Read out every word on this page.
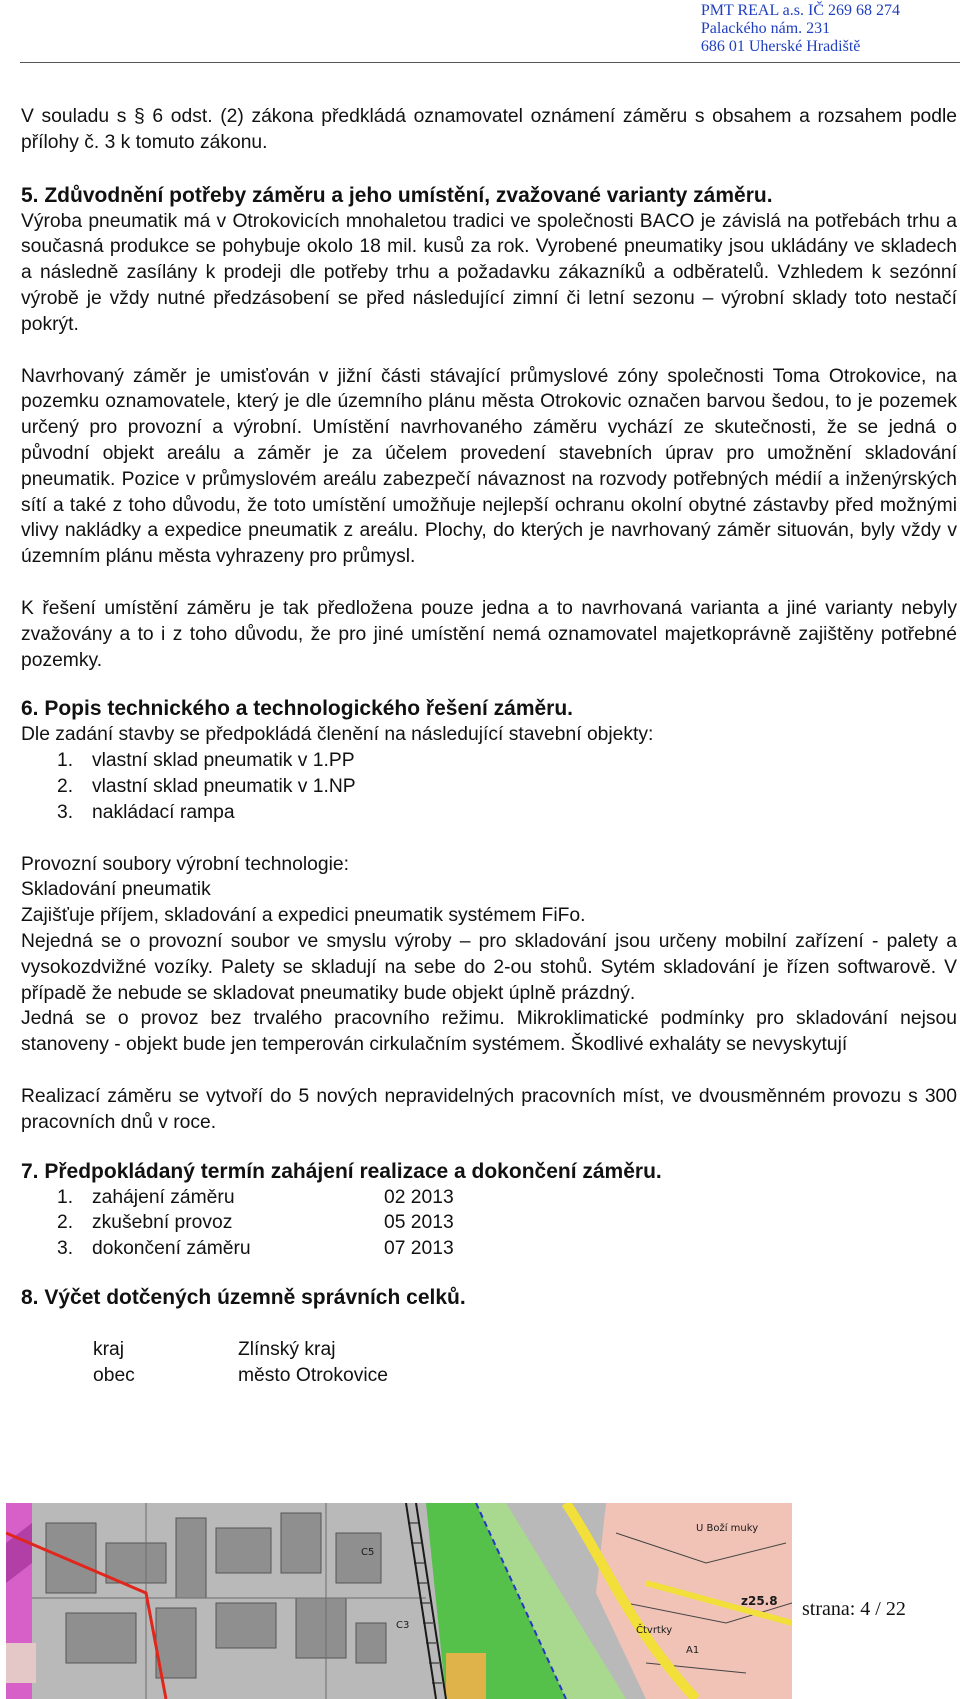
PMT REAL a.s. IČ 269 68 274
Palackého nám. 231
686 01 Uherské Hradiště

V souladu s § 6 odst. (2) zákona předkládá oznamovatel oznámení záměru s obsahem a rozsahem podle přílohy č. 3 k tomuto zákonu.

5. Zdůvodnění potřeby záměru a jeho umístění, zvažované varianty záměru.

Výroba pneumatik má v Otrokovicích mnohaletou tradici ve společnosti BACO je závislá na potřebách trhu a současná produkce se pohybuje okolo 18 mil. kusů za rok. Vyrobené pneumatiky jsou ukládány ve skladech a následně zasílány k prodeji dle potřeby trhu a požadavku zákazníků a odběratelů. Vzhledem k sezónní výrobě je vždy nutné předzásobení se před následující zimní či letní sezonu – výrobní sklady toto nestačí pokrýt.

Navrhovaný záměr je umisťován v jižní části stávající průmyslové zóny společnosti Toma Otrokovice, na pozemku oznamovatele, který je dle územního plánu města Otrokovic označen barvou šedou, to je pozemek určený pro provozní a výrobní. Umístění navrhovaného záměru vychází ze skutečnosti, že se jedná o původní objekt areálu a záměr je za účelem provedení stavebních úprav pro umožnění skladování pneumatik. Pozice v průmyslovém areálu zabezpečí návaznost na rozvody potřebných médií a inženýrských sítí a také z toho důvodu, že toto umístění umožňuje nejlepší ochranu okolní obytné zástavby před možnými vlivy nakládky a expedice pneumatik z areálu. Plochy, do kterých je navrhovaný záměr situován, byly vždy v územním plánu města vyhrazeny pro průmysl.

K řešení umístění záměru je tak předložena pouze jedna a to navrhovaná varianta a jiné varianty nebyly zvažovány a to i z toho důvodu, že pro jiné umístění nemá oznamovatel majetkoprávně zajištěny potřebné pozemky.

6. Popis technického a technologického řešení záměru.

Dle zadání stavby se předpokládá členění na následující stavební objekty:

1. vlastní sklad pneumatik v 1.PP
2. vlastní sklad pneumatik v 1.NP
3. nakládací rampa

Provozní soubory výrobní technologie:

Skladování pneumatik

Zajišťuje příjem, skladování a expedici pneumatik systémem FiFo.

Nejedná se o provozní soubor ve smyslu výroby – pro skladování jsou určeny mobilní zařízení - palety a vysokozdvižné vozíky. Palety se skladují na sebe do 2-ou stohů. Sytém skladování je řízen softwarově. V případě že nebude se skladovat pneumatiky bude objekt úplně prázdný.

Jedná se o provoz bez trvalého pracovního režimu. Mikroklimatické podmínky pro skladování nejsou stanoveny - objekt bude jen temperován cirkulačním systémem. Škodlivé exhaláty se nevyskytují

Realizací záměru se vytvoří do 5 nových nepravidelných pracovních míst, ve dvousměnném provozu s 300 pracovních dnů v roce.

7. Předpokládaný termín zahájení realizace a dokončení záměru.
1. zahájení záměru	02 2013
2. zkušební provoz	05 2013
3. dokončení záměru	07 2013
8. Výčet dotčených územně správních celků.
kraj	Zlínský kraj
obec	město Otrokovice
U Boží muky
Čtvrtky
A1
C5
C3
z25.8 strana: 4 / 22
